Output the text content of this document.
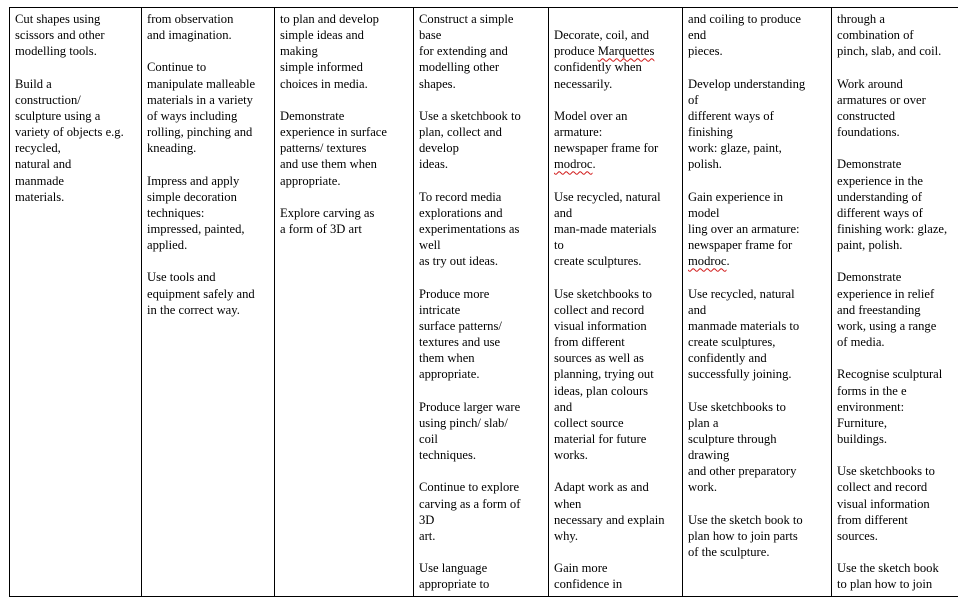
Cut shapes using
scissors and other
modelling tools.
Build a
construction/
sculpture using a
variety of objects e.g.
recycled,
natural and
manmade
materials.

from observation
and imagination.
Continue to
manipulate malleable
materials in a variety
of ways including
rolling, pinching and
kneading.
Impress and apply
simple decoration
techniques:
impressed, painted,
applied.
Use tools and
equipment safely and
in the correct way.

to plan and develop
simple ideas and
making
simple informed
choices in media.
Demonstrate
experience in surface
patterns/ textures
and use them when
appropriate.
Explore carving as
a form of 3D art

Construct a simple
base
for extending and
modelling other
shapes.
Use a sketchbook to
plan, collect and
develop
ideas.
To record media
explorations and
experimentations as
well
as try out ideas.
Produce more
intricate
surface patterns/
textures and use
them when
appropriate.
Produce larger ware
using pinch/ slab/
coil
techniques.
Continue to explore
carving as a form of
3D
art.
Use language
appropriate to

Decorate, coil, and
produce Marquettes
confidently when
necessarily.
Model over an
armature:
newspaper frame for
modroc.
Use recycled, natural
and
man-made materials
to
create sculptures.
Use sketchbooks to
collect and record
visual information
from different
sources as well as
planning, trying out
ideas, plan colours
and
collect source
material for future
works.
Adapt work as and
when
necessary and explain
why.
Gain more
confidence in

and coiling to produce
end
pieces.
Develop understanding
of
different ways of
finishing
work: glaze, paint,
polish.
Gain experience in
model
ling over an armature:
newspaper frame for
modroc.
Use recycled, natural
and
manmade materials to
create sculptures,
confidently and
successfully joining.
Use sketchbooks to
plan a
sculpture through
drawing
and other preparatory
work.
Use the sketch book to
plan how to join parts
of the sculpture.

through a
combination of
pinch, slab, and coil.
Work around
armatures or over
constructed
foundations.
Demonstrate
experience in the
understanding of
different ways of
finishing work: glaze,
paint, polish.
Demonstrate
experience in relief
and freestanding
work, using a range
of media.
Recognise sculptural
forms in the e
environment:
Furniture,
buildings.
Use sketchbooks to
collect and record
visual information
from different
sources.
Use the sketch book
to plan how to join
